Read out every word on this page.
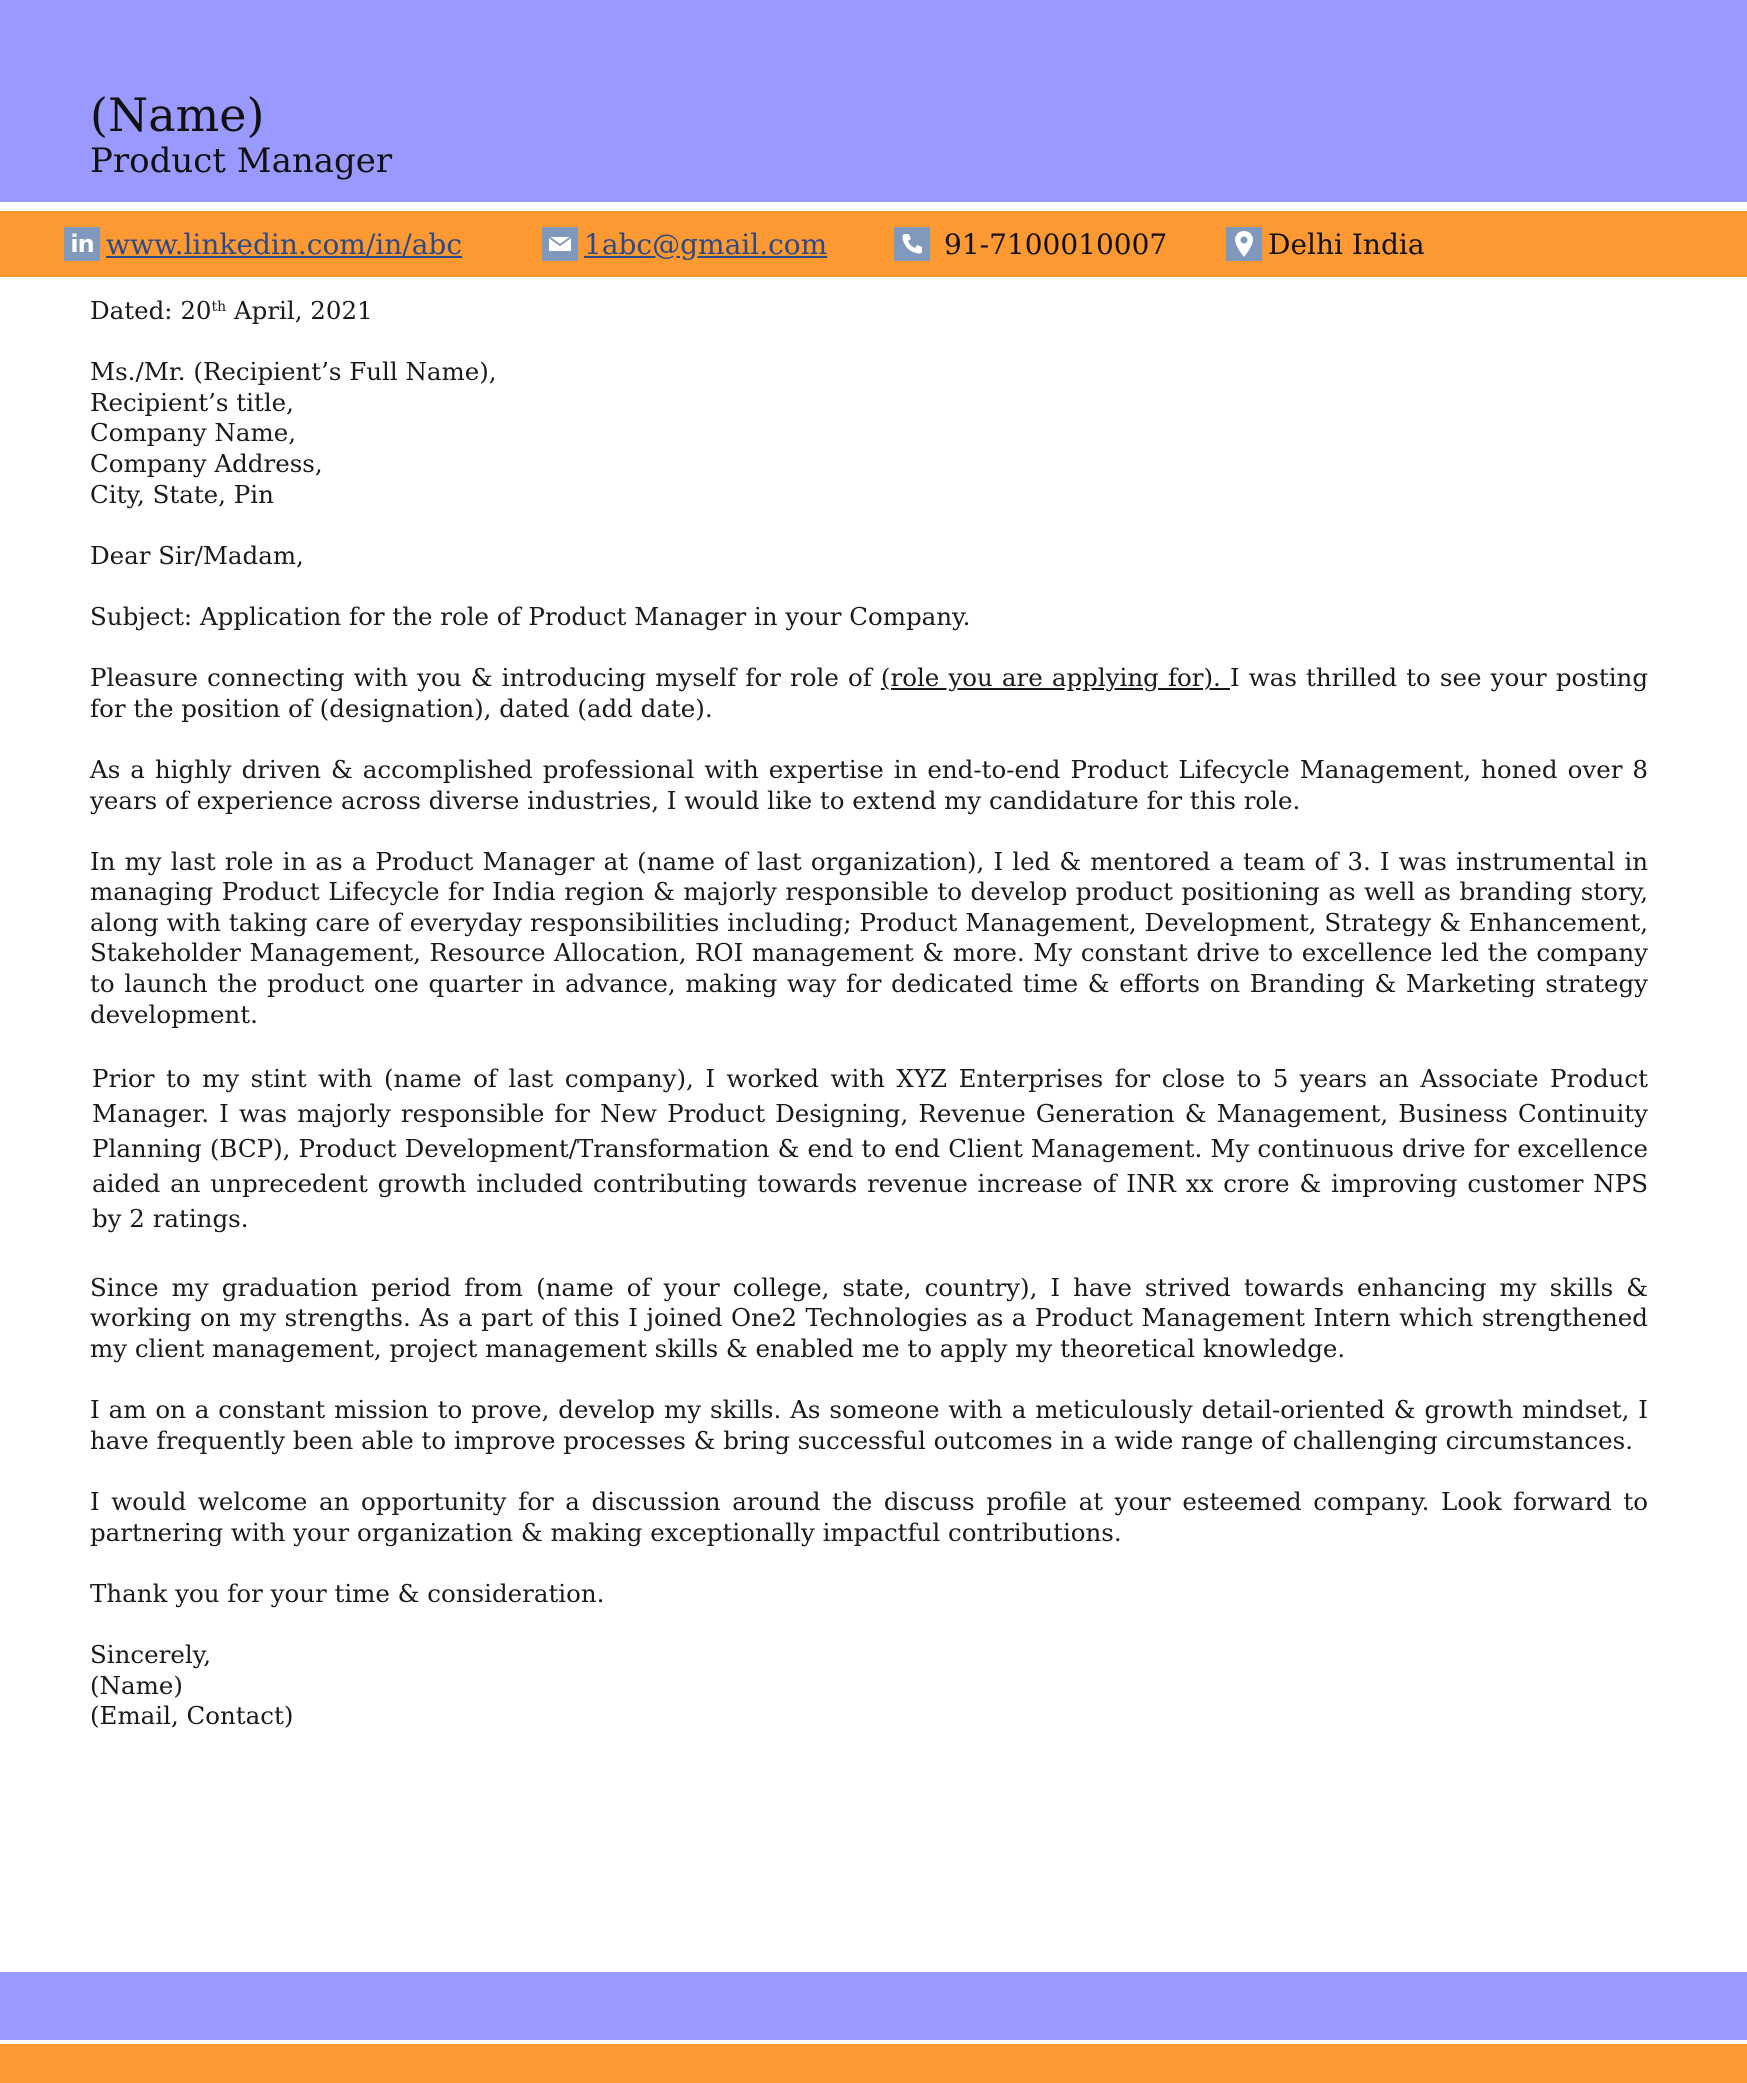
(Name)
Product Manager
in www.linkedin.com/in/abc	1abc@gmail.com	91-7100010007	Delhi India

Dated: 20th April, 2021

Ms./Mr. (Recipient’s Full Name),
Recipient’s title,
Company Name,
Company Address,
City, State, Pin

Dear Sir/Madam,

Subject: Application for the role of Product Manager in your Company.

Pleasure connecting with you & introducing myself for role of (role you are applying for). I was thrilled to see your posting for the position of (designation), dated (add date).

As a highly driven & accomplished professional with expertise in end-to-end Product Lifecycle Management, honed over 8 years of experience across diverse industries, I would like to extend my candidature for this role.

In my last role in as a Product Manager at (name of last organization), I led & mentored a team of 3. I was instrumental in managing Product Lifecycle for India region & majorly responsible to develop product positioning as well as branding story, along with taking care of everyday responsibilities including; Product Management, Development, Strategy & Enhancement, Stakeholder Management, Resource Allocation, ROI management & more. My constant drive to excellence led the company to launch the product one quarter in advance, making way for dedicated time & efforts on Branding & Marketing strategy development.

Prior to my stint with (name of last company), I worked with XYZ Enterprises for close to 5 years an Associate Product Manager. I was majorly responsible for New Product Designing, Revenue Generation & Management, Business Continuity Planning (BCP), Product Development/Transformation & end to end Client Management. My continuous drive for excellence aided an unprecedent growth included contributing towards revenue increase of INR xx crore & improving customer NPS by 2 ratings.

Since my graduation period from (name of your college, state, country), I have strived towards enhancing my skills & working on my strengths. As a part of this I joined One2 Technologies as a Product Management Intern which strengthened my client management, project management skills & enabled me to apply my theoretical knowledge.

I am on a constant mission to prove, develop my skills. As someone with a meticulously detail-oriented & growth mindset, I have frequently been able to improve processes & bring successful outcomes in a wide range of challenging circumstances.

I would welcome an opportunity for a discussion around the discuss profile at your esteemed company. Look forward to partnering with your organization & making exceptionally impactful contributions.

Thank you for your time & consideration.

Sincerely,
(Name)
(Email, Contact)
